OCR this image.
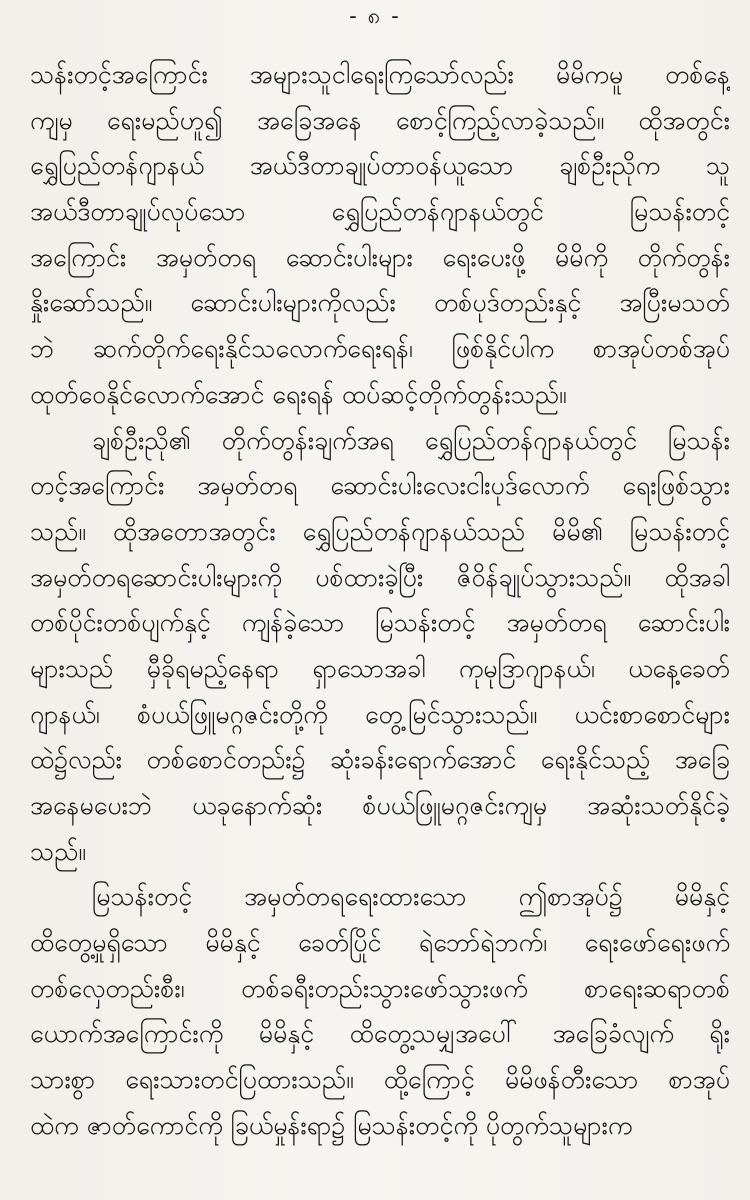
- ၈ -
သန်းတင့်အကြောင်း အများသူငါရေးကြသော်လည်း မိမိကမူ တစ်နေ့
ကျမှ ရေးမည်ဟူ၍ အခြေအနေ စောင့်ကြည့်လာခဲ့သည်။ ထိုအတွင်း
ရွှေပြည်တန်ဂျာနယ် အယ်ဒီတာချုပ်တာဝန်ယူသော ချစ်ဦးညိုက သူ
အယ်ဒီတာချုပ်လုပ်သော ရွှေပြည်တန်ဂျာနယ်တွင် မြသန်းတင့်
အကြောင်း အမှတ်တရ ဆောင်းပါးများ ရေးပေးဖို့ မိမိကို တိုက်တွန်း
နှိုးဆော်သည်။ ဆောင်းပါးများကိုလည်း တစ်ပုဒ်တည်းနှင့် အပြီးမသတ်
ဘဲ ဆက်တိုက်ရေးနိုင်သလောက်ရေးရန်၊ ဖြစ်နိုင်ပါက စာအုပ်တစ်အုပ်
ထုတ်ဝေနိုင်လောက်အောင် ရေးရန် ထပ်ဆင့်တိုက်တွန်းသည်။
ချစ်ဦးညို၏ တိုက်တွန်းချက်အရ ရွှေပြည်တန်ဂျာနယ်တွင် မြသန်း
တင့်အကြောင်း အမှတ်တရ ဆောင်းပါးလေးငါးပုဒ်လောက် ရေးဖြစ်သွား
သည်။ ထိုအတောအတွင်း ရွှေပြည်တန်ဂျာနယ်သည် မိမိ၏ မြသန်းတင့်
အမှတ်တရဆောင်းပါးများကို ပစ်ထားခဲ့ပြီး ဇိဝိန်ချုပ်သွားသည်။ ထိုအခါ
တစ်ပိုင်းတစ်ပျက်နှင့် ကျန်ခဲ့သော မြသန်းတင့် အမှတ်တရ ဆောင်းပါး
များသည် မှီခိုရမည့်နေရာ ရှာသောအခါ ကုမုဒြာဂျာနယ်၊ ယနေ့ခေတ်
ဂျာနယ်၊ စံပယ်ဖြူမဂ္ဂဇင်းတို့ကို တွေ့မြင်သွားသည်။ ယင်းစာစောင်များ
ထဲ၌လည်း တစ်စောင်တည်း၌ ဆုံးခန်းရောက်အောင် ရေးနိုင်သည့် အခြေ
အနေမပေးဘဲ ယခုနောက်ဆုံး စံပယ်ဖြူမဂ္ဂဇင်းကျမှ အဆုံးသတ်နိုင်ခဲ့
သည်။
မြသန်းတင့် အမှတ်တရရေးထားသော ဤစာအုပ်၌ မိမိနှင့်
ထိတွေ့မှုရှိသော မိမိနှင့် ခေတ်ပြိုင် ရဲဘော်ရဲဘက်၊ ရေးဖော်ရေးဖက်
တစ်လှေတည်းစီး၊ တစ်ခရီးတည်းသွားဖော်သွားဖက် စာရေးဆရာတစ်
ယောက်အကြောင်းကို မိမိနှင့် ထိတွေ့သမျှအပေါ် အခြေခံလျက် ရိုး
သားစွာ ရေးသားတင်ပြထားသည်။ ထို့ကြောင့် မိမိဖန်တီးသော စာအုပ်
ထဲက ဇာတ်ကောင်ကို ခြယ်မှုန်းရာ၌ မြသန်းတင့်ကို ပိုတွက်သူများက
